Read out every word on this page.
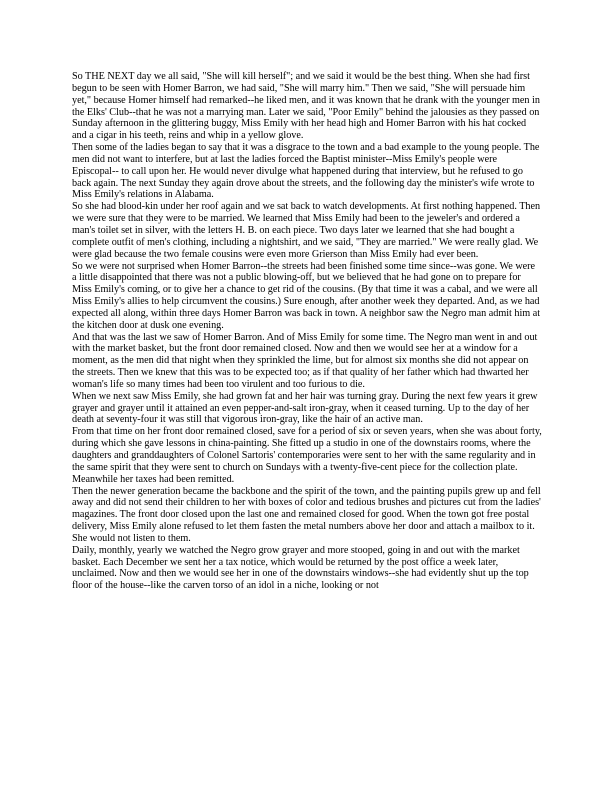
So THE NEXT day we all said, "She will kill herself"; and we said it would be the best thing. When she had first begun to be seen with Homer Barron, we had said, "She will marry him." Then we said, "She will persuade him yet," because Homer himself had remarked--he liked men, and it was known that he drank with the younger men in the Elks' Club--that he was not a marrying man. Later we said, "Poor Emily" behind the jalousies as they passed on Sunday afternoon in the glittering buggy, Miss Emily with her head high and Homer Barron with his hat cocked and a cigar in his teeth, reins and whip in a yellow glove.

Then some of the ladies began to say that it was a disgrace to the town and a bad example to the young people. The men did not want to interfere, but at last the ladies forced the Baptist minister--Miss Emily's people were Episcopal-- to call upon her. He would never divulge what happened during that interview, but he refused to go back again. The next Sunday they again drove about the streets, and the following day the minister's wife wrote to Miss Emily's relations in Alabama.

So she had blood-kin under her roof again and we sat back to watch developments. At first nothing happened. Then we were sure that they were to be married. We learned that Miss Emily had been to the jeweler's and ordered a man's toilet set in silver, with the letters H. B. on each piece. Two days later we learned that she had bought a complete outfit of men's clothing, including a nightshirt, and we said, "They are married." We were really glad. We were glad because the two female cousins were even more Grierson than Miss Emily had ever been.

So we were not surprised when Homer Barron--the streets had been finished some time since--was gone. We were a little disappointed that there was not a public blowing-off, but we believed that he had gone on to prepare for Miss Emily's coming, or to give her a chance to get rid of the cousins. (By that time it was a cabal, and we were all Miss Emily's allies to help circumvent the cousins.) Sure enough, after another week they departed. And, as we had expected all along, within three days Homer Barron was back in town. A neighbor saw the Negro man admit him at the kitchen door at dusk one evening.

And that was the last we saw of Homer Barron. And of Miss Emily for some time. The Negro man went in and out with the market basket, but the front door remained closed. Now and then we would see her at a window for a moment, as the men did that night when they sprinkled the lime, but for almost six months she did not appear on the streets. Then we knew that this was to be expected too; as if that quality of her father which had thwarted her woman's life so many times had been too virulent and too furious to die.

When we next saw Miss Emily, she had grown fat and her hair was turning gray. During the next few years it grew grayer and grayer until it attained an even pepper-and-salt iron-gray, when it ceased turning. Up to the day of her death at seventy-four it was still that vigorous iron-gray, like the hair of an active man.

From that time on her front door remained closed, save for a period of six or seven years, when she was about forty, during which she gave lessons in china-painting. She fitted up a studio in one of the downstairs rooms, where the daughters and granddaughters of Colonel Sartoris' contemporaries were sent to her with the same regularity and in the same spirit that they were sent to church on Sundays with a twenty-five-cent piece for the collection plate. Meanwhile her taxes had been remitted.

Then the newer generation became the backbone and the spirit of the town, and the painting pupils grew up and fell away and did not send their children to her with boxes of color and tedious brushes and pictures cut from the ladies' magazines. The front door closed upon the last one and remained closed for good. When the town got free postal delivery, Miss Emily alone refused to let them fasten the metal numbers above her door and attach a mailbox to it. She would not listen to them.

Daily, monthly, yearly we watched the Negro grow grayer and more stooped, going in and out with the market basket. Each December we sent her a tax notice, which would be returned by the post office a week later, unclaimed. Now and then we would see her in one of the downstairs windows--she had evidently shut up the top floor of the house--like the carven torso of an idol in a niche, looking or not
